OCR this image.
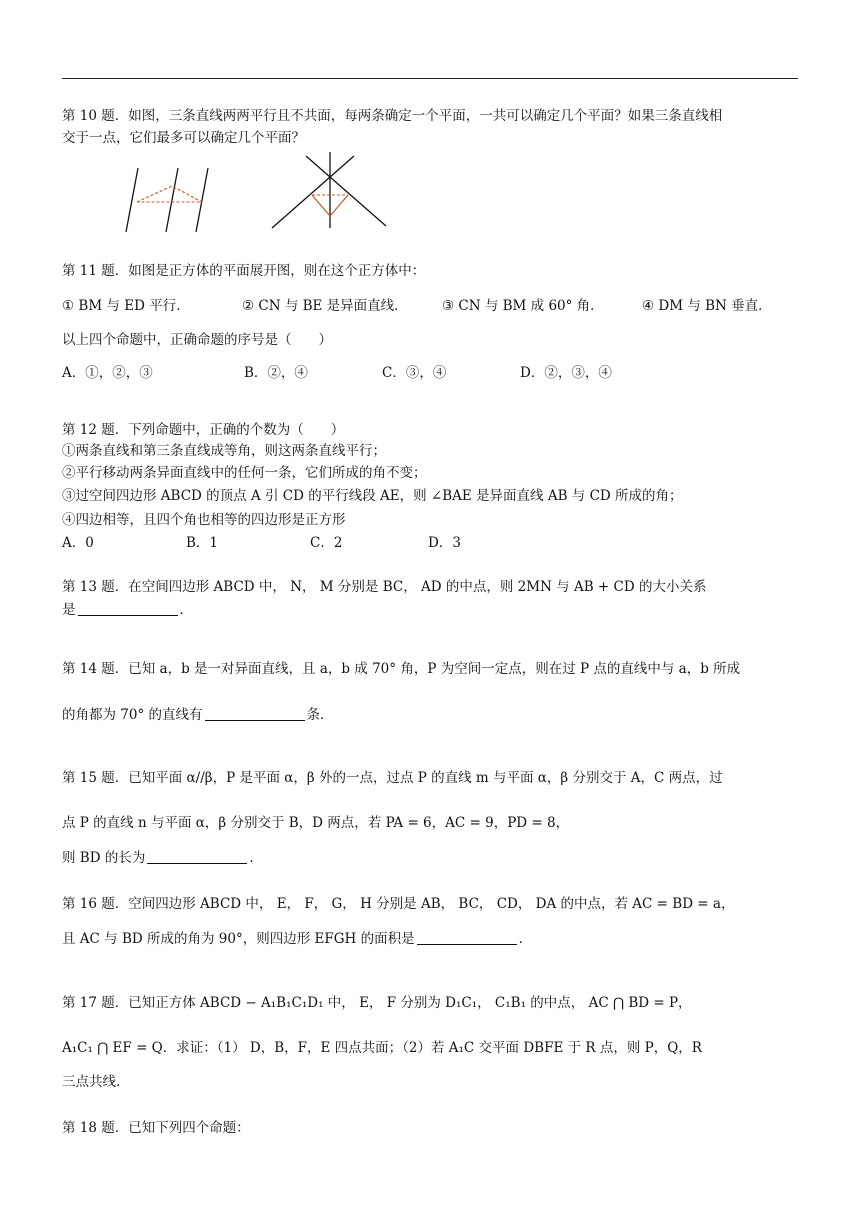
第 10 题．如图，三条直线两两平行且不共面，每两条确定一个平面，一共可以确定几个平面？如果三条直线相
交于一点，它们最多可以确定几个平面？
第 11 题．如图是正方体的平面展开图，则在这个正方体中：
① BM 与 ED 平行．	② CN 与 BE 是异面直线．	③ CN 与 BM 成 60° 角．	④ DM 与 BN 垂直．
以上四个命题中，正确命题的序号是（　　）
A．①，②，③	B．②，④	C．③，④	D．②，③，④
第 12 题．下列命题中，正确的个数为（　　）
①两条直线和第三条直线成等角，则这两条直线平行；
②平行移动两条异面直线中的任何一条，它们所成的角不变；
③过空间四边形 ABCD 的顶点 A 引 CD 的平行线段 AE，则 ∠BAE 是异面直线 AB 与 CD 所成的角；
④四边相等，且四个角也相等的四边形是正方形
A．0	B．1	C．2	D．3
第 13 题．在空间四边形 ABCD 中， N， M 分别是 BC， AD 的中点，则 2MN 与 AB + CD 的大小关系
是	．
第 14 题．已知 a，b 是一对异面直线，且 a，b 成 70° 角，P 为空间一定点，则在过 P 点的直线中与 a，b 所成
的角都为 70° 的直线有	条．
第 15 题．已知平面 α//β，P 是平面 α，β 外的一点，过点 P 的直线 m 与平面 α，β 分别交于 A，C 两点，过
点 P 的直线 n 与平面 α，β 分别交于 B，D 两点，若 PA = 6，AC = 9，PD = 8，
则 BD 的长为	．
第 16 题．空间四边形 ABCD 中， E， F， G， H 分别是 AB， BC， CD， DA 的中点，若 AC = BD = a，
且 AC 与 BD 所成的角为 90°，则四边形 EFGH 的面积是	．
第 17 题．已知正方体 ABCD − A₁B₁C₁D₁ 中， E， F 分别为 D₁C₁， C₁B₁ 的中点， AC ⋂ BD = P，
A₁C₁ ⋂ EF = Q．求证：（1） D，B，F，E 四点共面；（2）若 A₁C 交平面 DBFE 于 R 点，则 P，Q，R
三点共线．
第 18 题．已知下列四个命题：
